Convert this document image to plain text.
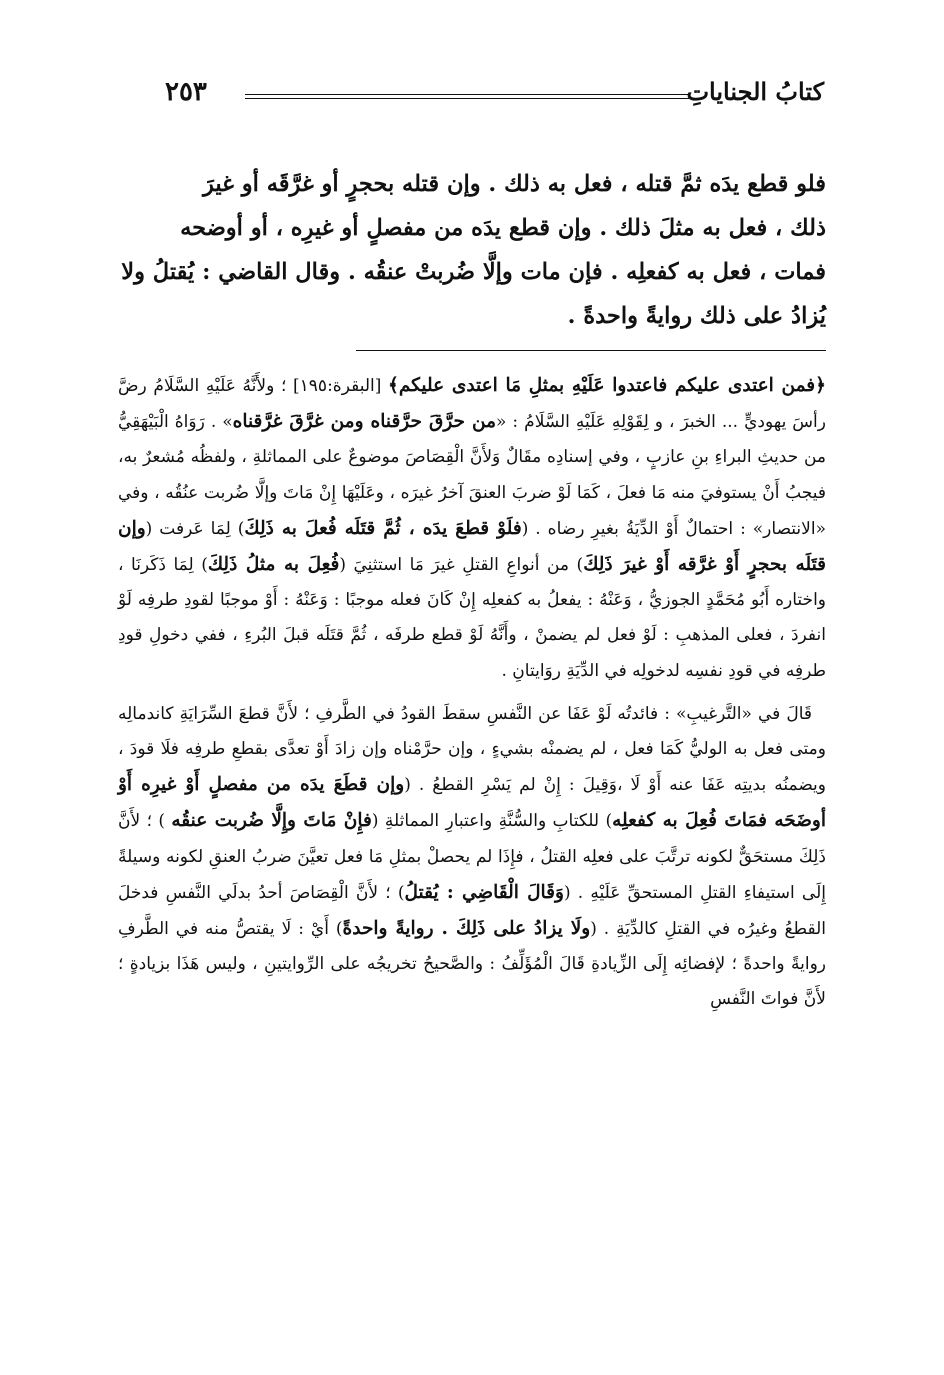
كتابُ الجناياتِ
٢٥٣

فلو قطع يدَه ثمَّ قتله ، فعل به ذلك . وإن قتله بحجرٍ أو غرَّقَه أو غيرَ

ذلك ، فعل به مثلَ ذلك . وإن قطع يدَه من مفصلٍ أو غيرِه ، أو أوضحه

فمات ، فعل به كفعلِه . فإن مات وإلَّا ضُربتْ عنقُه . وقال القاضي : يُقتلُ ولا

يُزادُ على ذلك روايةً واحدةً .

﴿فمن اعتدى عليكم فاعتدوا عَلَيْهِ بمثلِ مَا اعتدى عليكم﴾ [البقرة:١٩٥] ؛ ولأَنَّهُ عَلَيْهِ السَّلَامُ رضَّ رأسَ يهوديٍّ ... الخبرَ ، و لِقَوْلِهِ عَلَيْهِ السَّلَامُ : «من حرَّقَ حرَّقناه ومن غرَّقَ غرَّقناه» . رَوَاهُ الْبَيْهَقِيُّ من حديثِ البراءِ بنِ عازبٍ ، وفي إسنادِه مقَالٌ وَلأَنَّ الْقِصَاصَ موضوعٌ على المماثلةِ ، ولفظُه مُشعرٌ به، فيجبُ أَنْ يستوفيَ منه مَا فعلَ ، كَمَا لَوْ ضربَ العنقَ آخرُ غيرَه ، وعَلَيْهَا إِنْ مَاتَ وإلَّا ضُربت عنُقُه ، وفي «الانتصار» : احتمالٌ أَوْ الدِّيَةُ بغيرِ رضاه . (فلَوْ قطعَ يدَه ، ثُمَّ قتَلَه فُعلَ به ذَلِكَ) لِمَا عَرفت (وإن قتَلَه بحجرٍ أَوْ غرَّقه أَوْ غيرَ ذَلِكَ) من أنواعِ القتلِ غيرَ مَا استثنِيَ (فُعِلَ به مثلُ ذَلِكَ) لِمَا ذَكَرنَا ، واختاره أَبُو مُحَمَّدٍ الجوزيُّ ، وَعَنْهُ : يفعلُ به كفعلِه إِنْ كَانَ فعله موجبًا : وَعَنْهُ : أَوْ موجبًا لقودِ طرفِه لَوْ انفردَ ، فعلى المذهبِ : لَوْ فعل لم يضمنْ ، وأَنَّهُ لَوْ قطع طرفَه ، ثُمَّ قتَلَه قبلَ البُرءِ ، ففي دخولِ قودِ طرفِه في قودِ نفسِه لدخولِه في الدِّيَةِ روَايتانِ .

قَالَ في «التَّرغيبِ» : فائدتُه لَوْ عَفَا عن النَّفسِ سقطَ القودُ في الطَّرفِ ؛ لأَنَّ قطعَ السِّرَايَةِ كاندمالِه ومتى فعل به الوليُّ كَمَا فعل ، لم يضمنْه بشيءٍ ، وإن حرَّمْناه وإن زادَ أَوْ تعدَّى بقطعِ طرفِه فلَا قودَ ، ويضمنُه بديتِه عَفَا عنه أَوْ لَا ،وَقِيلَ : إِنْ لم يَسْرِ القطعُ . (وإن قطَعَ يدَه من مفصلٍ أَوْ غيرِه أَوْ أوضَحَه فمَاتَ فُعِلَ به كفعلِه) للكتابِ والسُّنَّةِ واعتبارِ المماثلةِ (فإِنْ مَاتَ وإِلَّا ضُربت عنقُه ) ؛ لأَنَّ ذَلِكَ مستحَقٌّ لكونه ترتَّبَ على فعلِه القتلُ ، فإِذَا لم يحصلْ بمثلِ مَا فعل تعيَّنَ ضربُ العنقِ لكونه وسيلةً إِلَى استيفاءِ القتلِ المستحقِّ عَلَيْهِ . (وَقَالَ الْقَاضِي : يُقتلُ) ؛ لأَنَّ الْقِصَاصَ أحدُ بدلَي النَّفسِ فدخلَ القطعُ وغيرُه في القتلِ كالدِّيَةِ . (ولَا يزادُ على ذَلِكَ . روايةً واحدةً) أَيْ : لَا يقتصُّ منه في الطَّرفِ روايةً واحدةً ؛ لإفضائِه إِلَى الزِّيادةِ قَالَ الْمُؤَلِّفُ : والصَّحيحُ تخريجُه على الرِّوايتينِ ، وليس هَذَا بزيادةٍ ؛ لأَنَّ فواتَ النَّفسِ
